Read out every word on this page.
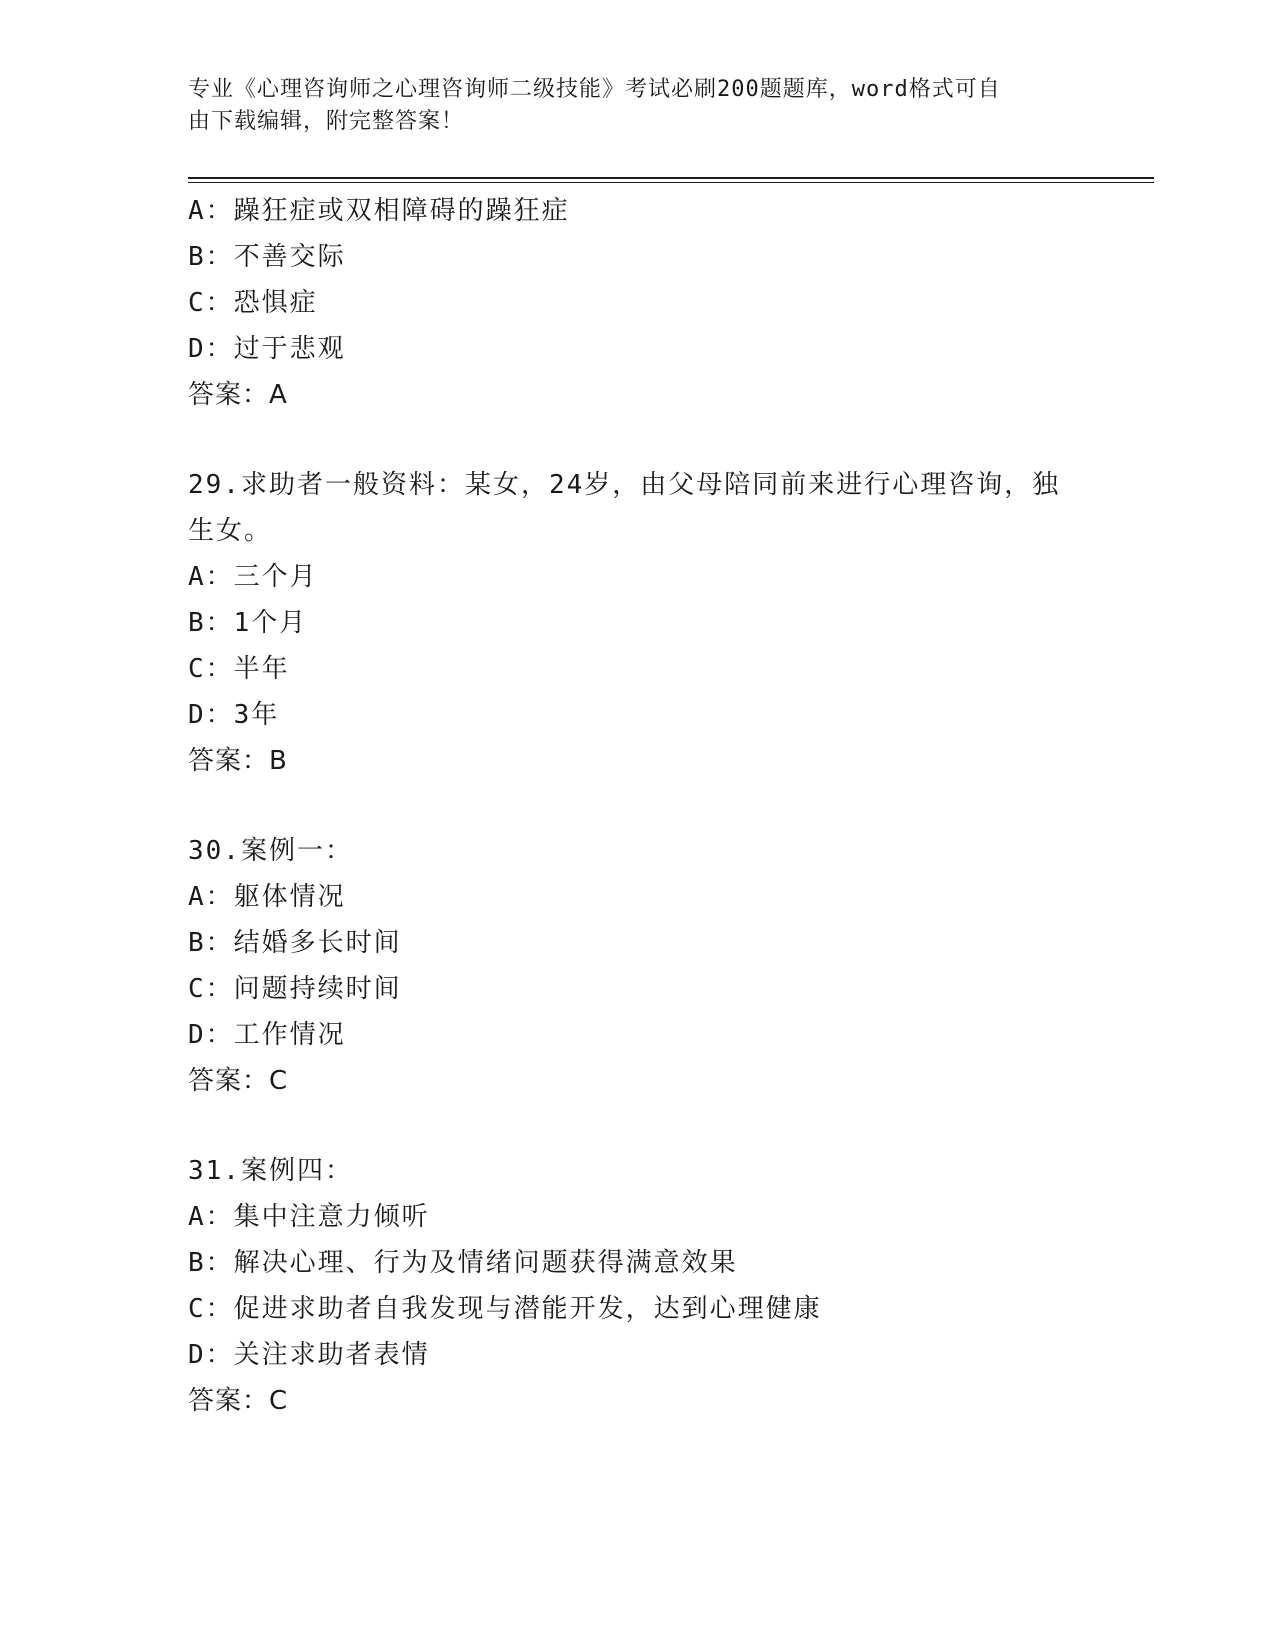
专业《心理咨询师之心理咨询师二级技能》考试必刷200题题库，word格式可自
由下载编辑，附完整答案！
A：躁狂症或双相障碍的躁狂症
B：不善交际
C：恐惧症
D：过于悲观
答案：A
29.求助者一般资料：某女，24岁，由父母陪同前来进行心理咨询，独
生女。
A：三个月
B：1个月
C：半年
D：3年
答案：B
30.案例一：
A：躯体情况
B：结婚多长时间
C：问题持续时间
D：工作情况
答案：C
31.案例四：
A：集中注意力倾听
B：解决心理、行为及情绪问题获得满意效果
C：促进求助者自我发现与潜能开发，达到心理健康
D：关注求助者表情
答案：C
